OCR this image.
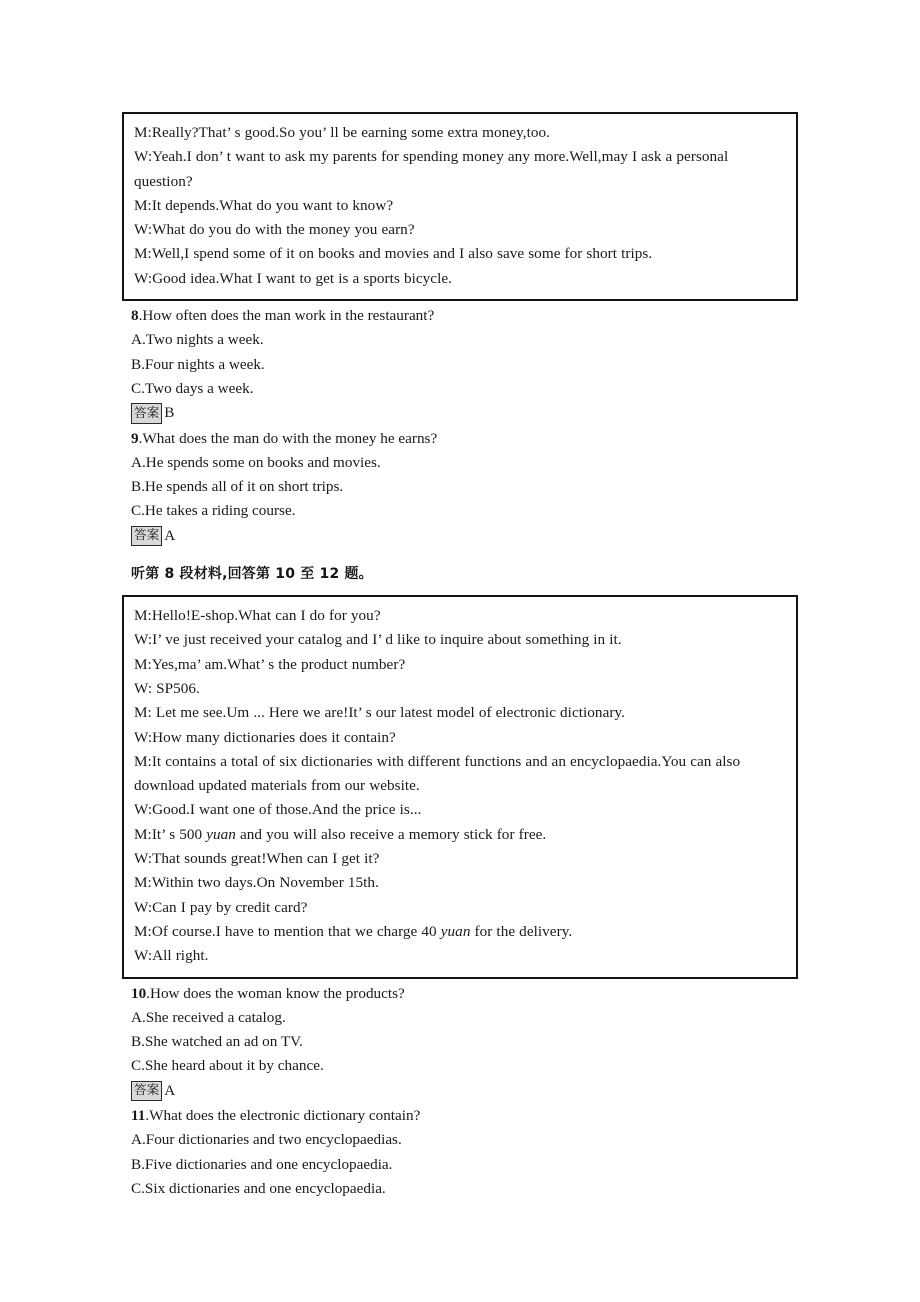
M:Really?That’ s good.So you’ ll be earning some extra money,too.
W:Yeah.I don’ t want to ask my parents for spending money any more.Well,may I ask a personal question?
M:It depends.What do you want to know?
W:What do you do with the money you earn?
M:Well,I spend some of it on books and movies and I also save some for short trips.
W:Good idea.What I want to get is a sports bicycle.
8.How often does the man work in the restaurant?
A.Two nights a week.
B.Four nights a week.
C.Two days a week.
答案 B
9.What does the man do with the money he earns?
A.He spends some on books and movies.
B.He spends all of it on short trips.
C.He takes a riding course.
答案 A
听第 8 段材料,回答第 10 至 12 题。
M:Hello!E-shop.What can I do for you?
W:I’ ve just received your catalog and I’ d like to inquire about something in it.
M:Yes,ma’ am.What’ s the product number?
W: SP506.
M: Let me see.Um ... Here we are!It’ s our latest model of electronic dictionary.
W:How many dictionaries does it contain?
M:It contains a total of six dictionaries with different functions and an encyclopaedia.You can also download updated materials from our website.
W:Good.I want one of those.And the price is...
M:It’ s 500 yuan and you will also receive a memory stick for free.
W:That sounds great!When can I get it?
M:Within two days.On November 15th.
W:Can I pay by credit card?
M:Of course.I have to mention that we charge 40 yuan for the delivery.
W:All right.
10.How does the woman know the products?
A.She received a catalog.
B.She watched an ad on TV.
C.She heard about it by chance.
答案 A
11.What does the electronic dictionary contain?
A.Four dictionaries and two encyclopaedias.
B.Five dictionaries and one encyclopaedia.
C.Six dictionaries and one encyclopaedia.
